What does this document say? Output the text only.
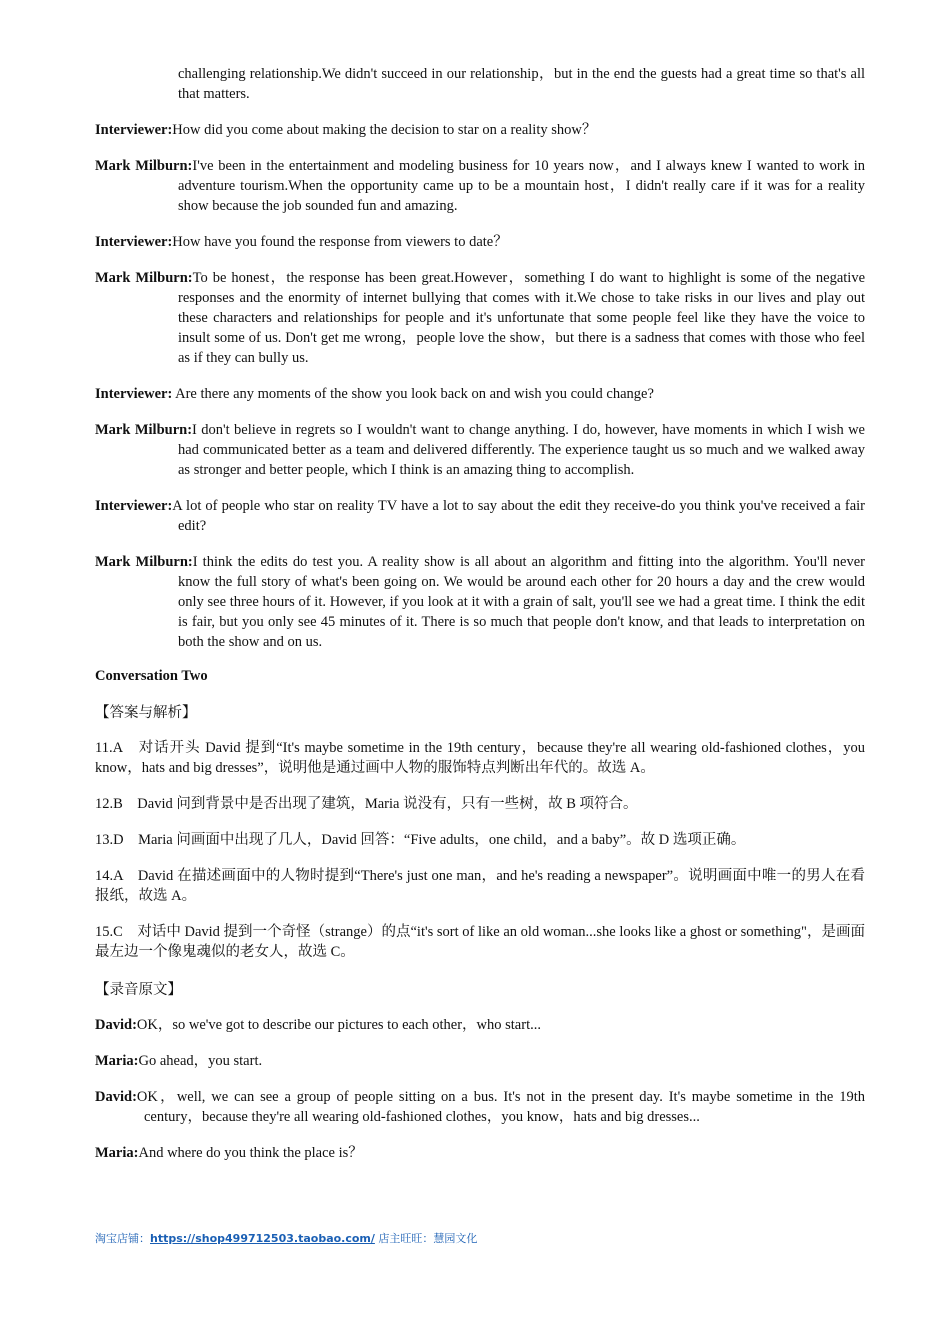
challenging relationship.We didn't succeed in our relationship，but in the end the guests had a great time so that's all that matters.

Interviewer:How did you come about making the decision to star on a reality show？

Mark Milburn:I've been in the entertainment and modeling business for 10 years now，and I always knew I wanted to work in adventure tourism.When the opportunity came up to be a mountain host，I didn't really care if it was for a reality show because the job sounded fun and amazing.

Interviewer:How have you found the response from viewers to date？

Mark Milburn:To be honest，the response has been great.However，something I do want to highlight is some of the negative responses and the enormity of internet bullying that comes with it.We chose to take risks in our lives and play out these characters and relationships for people and it's unfortunate that some people feel like they have the voice to insult some of us. Don't get me wrong，people love the show，but there is a sadness that comes with those who feel as if they can bully us.

Interviewer: Are there any moments of the show you look back on and wish you could change?

Mark Milburn:I don't believe in regrets so I wouldn't want to change anything. I do, however, have moments in which I wish we had communicated better as a team and delivered differently. The experience taught us so much and we walked away as stronger and better people, which I think is an amazing thing to accomplish.

Interviewer:A lot of people who star on reality TV have a lot to say about the edit they receive-do you think you've received a fair edit?

Mark Milburn:I think the edits do test you. A reality show is all about an algorithm and fitting into the algorithm. You'll never know the full story of what's been going on. We would be around each other for 20 hours a day and the crew would only see three hours of it. However, if you look at it with a grain of salt, you'll see we had a great time. I think the edit is fair, but you only see 45 minutes of it. There is so much that people don't know, and that leads to interpretation on both the show and on us.

Conversation Two
【答案与解析】

11.A　对话开头 David 提到“It's maybe sometime in the 19th century，because they're all wearing old-fashioned clothes，you know，hats and big dresses”，说明他是通过画中人物的服饰特点判断出年代的。故选 A。

12.B　David 问到背景中是否出现了建筑，Maria 说没有，只有一些树，故 B 项符合。

13.D　Maria 问画面中出现了几人，David 回答：“Five adults，one child，and a baby”。故 D 选项正确。

14.A　David 在描述画面中的人物时提到“There's just one man，and he's reading a newspaper”。说明画面中唯一的男人在看报纸，故选 A。

15.C　对话中 David 提到一个奇怪（strange）的点“it's sort of like an old woman...she looks like a ghost or something"，是画面最左边一个像鬼魂似的老女人，故选 C。

【录音原文】

David:OK，so we've got to describe our pictures to each other，who start...

Maria:Go ahead，you start.

David:OK，well, we can see a group of people sitting on a bus. It's not in the present day. It's maybe sometime in the 19th century，because they're all wearing old-fashioned clothes，you know，hats and big dresses...

Maria:And where do you think the place is？

淘宝店铺：https://shop499712503.taobao.com/ 店主旺旺：慧园文化
